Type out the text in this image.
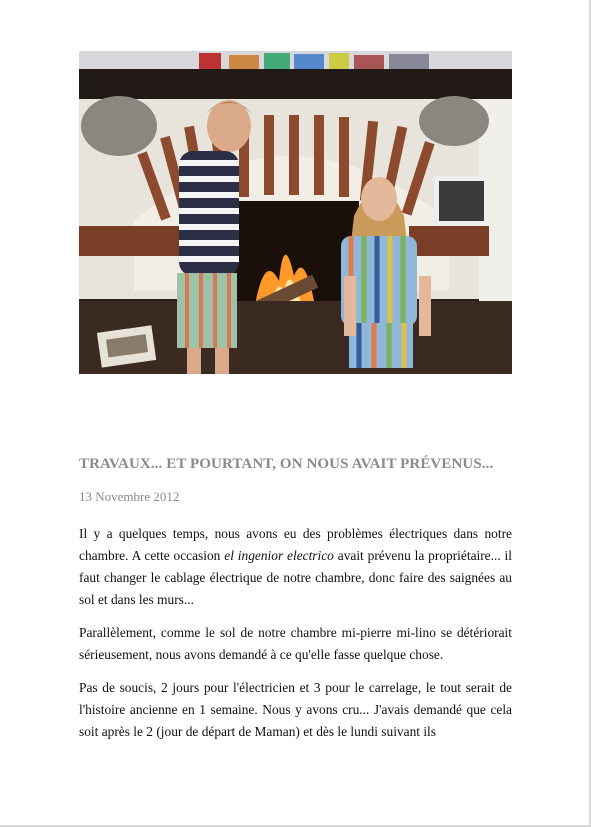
TRAVAUX... ET POURTANT, ON NOUS AVAIT PRÉVENUS...
13 Novembre 2012

Il y a quelques temps, nous avons eu des problèmes électriques dans notre chambre. A cette occasion el ingenior electrico avait prévenu la propriétaire... il faut changer le cablage électrique de notre chambre, donc faire des saignées au sol et dans les murs...

Parallèlement, comme le sol de notre chambre mi-pierre mi-lino se détériorait sérieusement, nous avons demandé à ce qu'elle fasse quelque chose.

Pas de soucis, 2 jours pour l'électricien et 3 pour le carrelage, le tout serait de l'histoire ancienne en 1 semaine. Nous y avons cru... J'avais demandé que cela soit après le 2 (jour de départ de Maman) et dès le lundi suivant ils
